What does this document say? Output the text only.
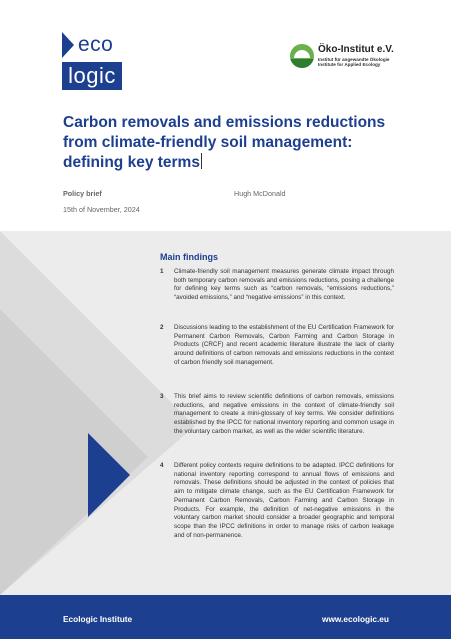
eco
logic
Öko-Institut e.V.
Institut für angewandte Ökologie
Institute for Applied Ecology
Carbon removals and emissions reductions from climate-friendly soil management: defining key terms
Policy brief
15th of November, 2024
Hugh McDonald
Main findings
1 Climate-friendly soil management measures generate climate impact through both temporary carbon removals and emissions reductions, posing a challenge for defining key terms such as “carbon removals, “emissions reductions,” “avoided emissions,” and “negative emissions” in this context.
2 Discussions leading to the establishment of the EU Certification Framework for Permanent Carbon Removals, Carbon Farming and Carbon Storage in Products (CRCF) and recent academic literature illustrate the lack of clarity around definitions of carbon removals and emissions reductions in the context of carbon friendly soil management.
3 This brief aims to review scientific definitions of carbon removals, emissions reductions, and negative emissions in the context of climate-friendly soil management to create a mini-glossary of key terms. We consider definitions established by the IPCC for national inventory reporting and common usage in the voluntary carbon market, as well as the wider scientific literature.
4 Different policy contexts require definitions to be adapted. IPCC definitions for national inventory reporting correspond to annual flows of emissions and removals. These definitions should be adjusted in the context of policies that aim to mitigate climate change, such as the EU Certification Framework for Permanent Carbon Removals, Carbon Farming and Carbon Storage in Products. For example, the definition of net-negative emissions in the voluntary carbon market should consider a broader geographic and temporal scope than the IPCC definitions in order to manage risks of carbon leakage and of non-permanence.
Ecologic Institute	www.ecologic.eu
